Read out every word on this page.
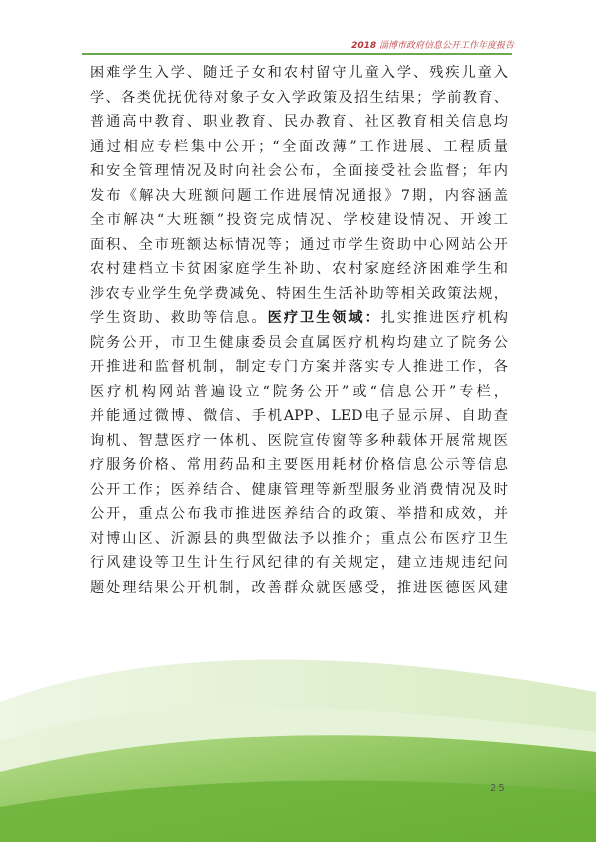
2018 淄博市政府信息公开工作年度报告
困难学生入学、随迁子女和农村留守儿童入学、残疾儿童入
学、各类优抚优待对象子女入学政策及招生结果；学前教育、
普通高中教育、职业教育、民办教育、社区教育相关信息均
通过相应专栏集中公开；“全面改薄”工作进展、工程质量
和安全管理情况及时向社会公布，全面接受社会监督；年内
发布《解决大班额问题工作进展情况通报》7期，内容涵盖
全市解决“大班额”投资完成情况、学校建设情况、开竣工
面积、全市班额达标情况等；通过市学生资助中心网站公开
农村建档立卡贫困家庭学生补助、农村家庭经济困难学生和
涉农专业学生免学费减免、特困生生活补助等相关政策法规，
学生资助、救助等信息。医疗卫生领域：扎实推进医疗机构
院务公开，市卫生健康委员会直属医疗机构均建立了院务公
开推进和监督机制，制定专门方案并落实专人推进工作，各
医疗机构网站普遍设立“院务公开”或“信息公开”专栏，
并能通过微博、微信、手机APP、LED电子显示屏、自助查
询机、智慧医疗一体机、医院宣传窗等多种载体开展常规医
疗服务价格、常用药品和主要医用耗材价格信息公示等信息
公开工作；医养结合、健康管理等新型服务业消费情况及时
公开，重点公布我市推进医养结合的政策、举措和成效，并
对博山区、沂源县的典型做法予以推介；重点公布医疗卫生
行风建设等卫生计生行风纪律的有关规定，建立违规违纪问
题处理结果公开机制，改善群众就医感受，推进医德医风建
25
